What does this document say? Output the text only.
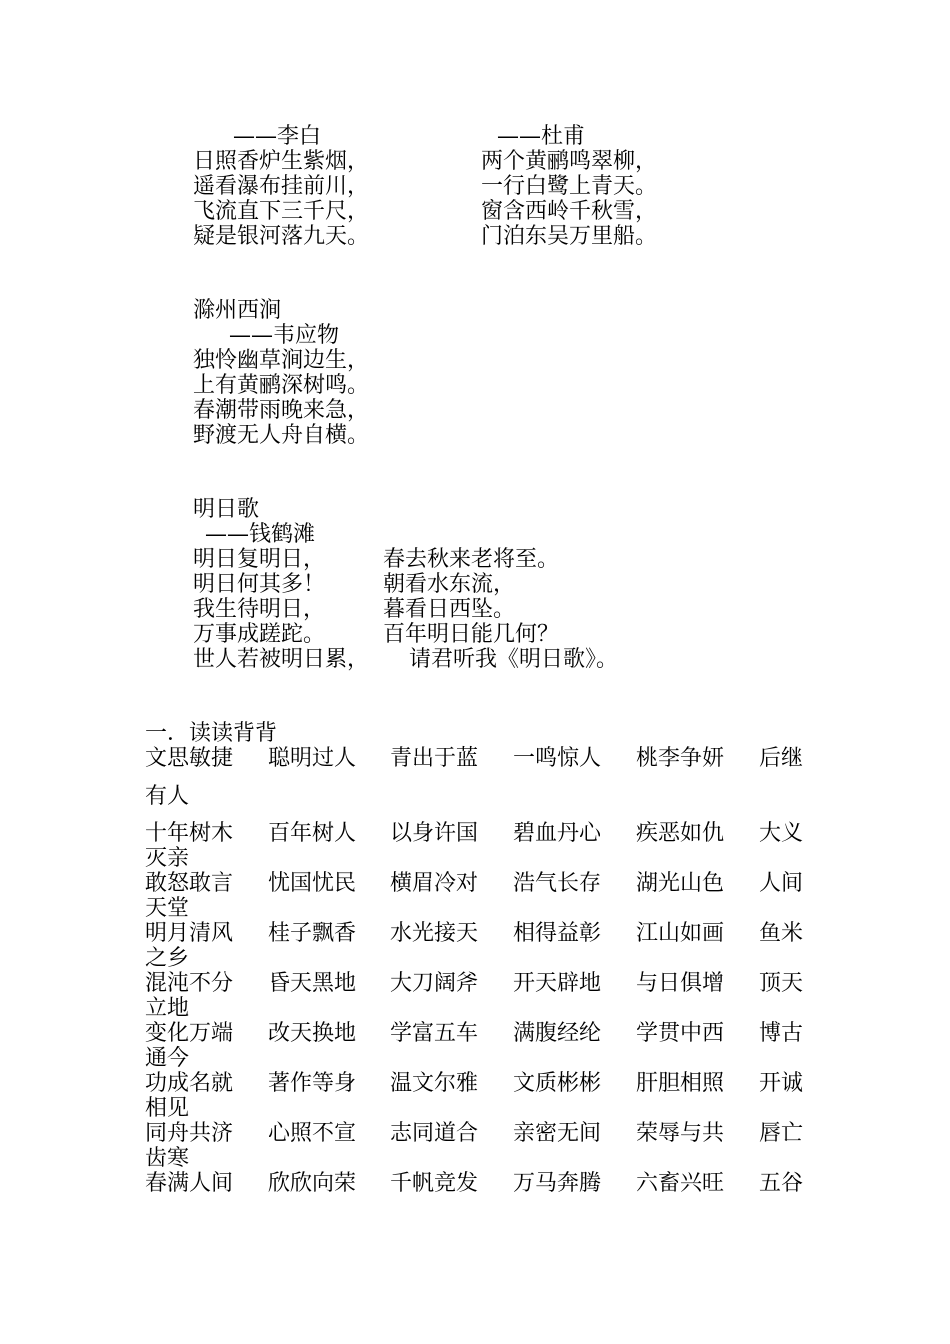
——李白
日照香炉生紫烟，
遥看瀑布挂前川，
飞流直下三千尺，
疑是银河落九天。
——杜甫
两个黄鹂鸣翠柳，
一行白鹭上青天。
窗含西岭千秋雪，
门泊东吴万里船。
滁州西涧
——韦应物
独怜幽草涧边生，
上有黄鹂深树鸣。
春潮带雨晚来急，
野渡无人舟自横。
明日歌
——钱鹤滩
明日复明日，
明日何其多！
我生待明日，
万事成蹉跎。
世人若被明日累，
春去秋来老将至。
朝看水东流，
暮看日西坠。
百年明日能几何？
请君听我《明日歌》。
一．读读背背
文思敏捷 聪明过人 青出于蓝 一鸣惊人 桃李争妍 后继
有人
十年树木 百年树人 以身许国 碧血丹心 疾恶如仇 大义
灭亲
敢怒敢言 忧国忧民 横眉冷对 浩气长存 湖光山色 人间
天堂
明月清风 桂子飘香 水光接天 相得益彰 江山如画 鱼米
之乡
混沌不分 昏天黑地 大刀阔斧 开天辟地 与日俱增 顶天
立地
变化万端 改天换地 学富五车 满腹经纶 学贯中西 博古
通今
功成名就 著作等身 温文尔雅 文质彬彬 肝胆相照 开诚
相见
同舟共济 心照不宣 志同道合 亲密无间 荣辱与共 唇亡
齿寒
春满人间 欣欣向荣 千帆竞发 万马奔腾 六畜兴旺 五谷
